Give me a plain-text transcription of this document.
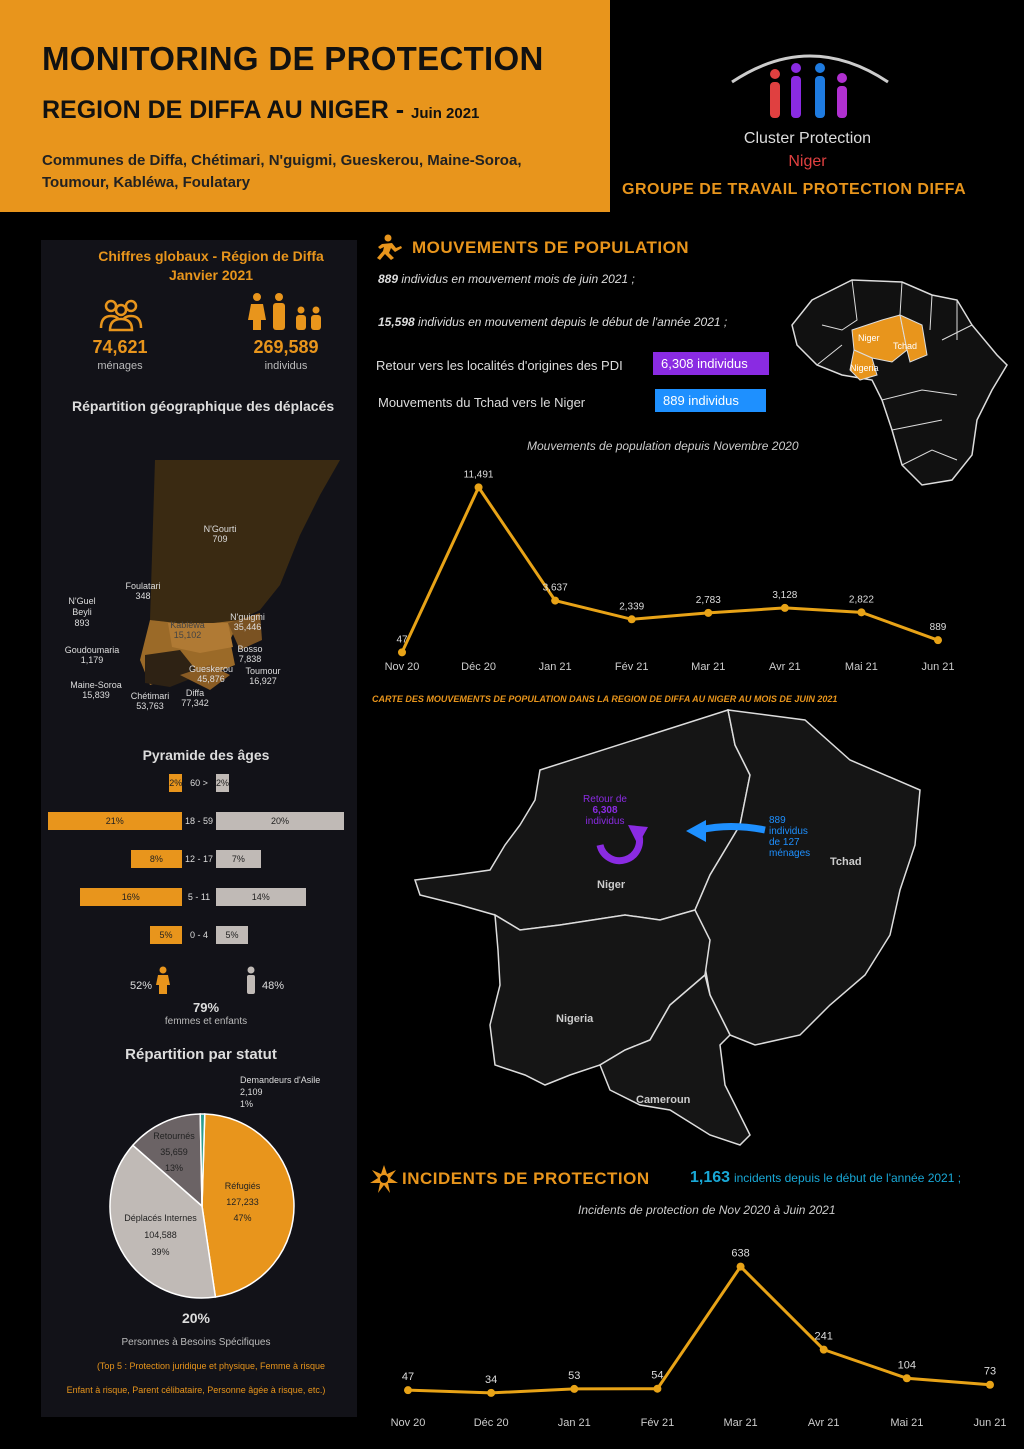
MONITORING DE PROTECTION
REGION DE DIFFA AU NIGER - Juin 2021
Communes de Diffa, Chétimari, N'guigmi, Gueskerou, Maine-Soroa, Toumour, Kabléwa, Foulatary
Cluster Protection
Niger
GROUPE DE TRAVAIL PROTECTION DIFFA
Chiffres globaux - Région de Diffa
Janvier 2021
74,621
ménages
269,589
individus
Répartition géographique des déplacés
N'Gourti
709
Foulatari
348
N'Guel Beyli
893	Kabléwa
15,102
N'guigmi
35,446
Goudoumaria
1,179
Bosso
7,838
Gueskerou
45,876
Toumour
16,927
Maine-Soroa
15,839	Chétimari
53,763
Diffa
77,342
Pyramide des âges
2% 60 > 2%
21%	18 - 59	20%
8%	12 - 17	7%
16%	5 - 11	14%
5%	0 - 4	5%
52%	48%
79%
femmes et enfants
Répartition par statut
Demandeurs d'Asile
2,109
1%
Retournés
35,659
13%
Réfugiés
127,233
47%
Déplacés Internes
104,588
39%
20%
Personnes à Besoins Spécifiques
(Top 5 : Protection juridique et physique, Femme à risque
Enfant à risque, Parent célibataire, Personne âgée à risque, etc.)
MOUVEMENTS DE POPULATION
889 individus en mouvement mois de juin 2021 ;
15,598 individus en mouvement depuis le début de l'année 2021 ;
Retour vers les localités d'origines des PDI	6,308 individus
Mouvements du Tchad vers le Niger	889 individus
Niger
Tchad
Nigeria
Mouvements de population depuis Novembre 2020
47
Nov 20
11,491
Déc 20
3,637
Jan 21
2,339
Fév 21
2,783
Mar 21
3,128
Avr 21
2,822
Mai 21
889
Jun 21
CARTE DES MOUVEMENTS DE POPULATION DANS LA REGION DE DIFFA AU NIGER AU MOIS DE JUIN 2021
Retour de
6,308
individus	889
individus
de 127
ménages
Niger
Tchad
Nigeria
Cameroun
INCIDENTS DE PROTECTION	1,163 incidents depuis le début de l'année 2021 ;
Incidents de protection de Nov 2020 à Juin 2021
47
Nov 20
34
Déc 20
53
Jan 21
54
Fév 21
638
Mar 21
241
Avr 21
104
Mai 21
73
Jun 21
